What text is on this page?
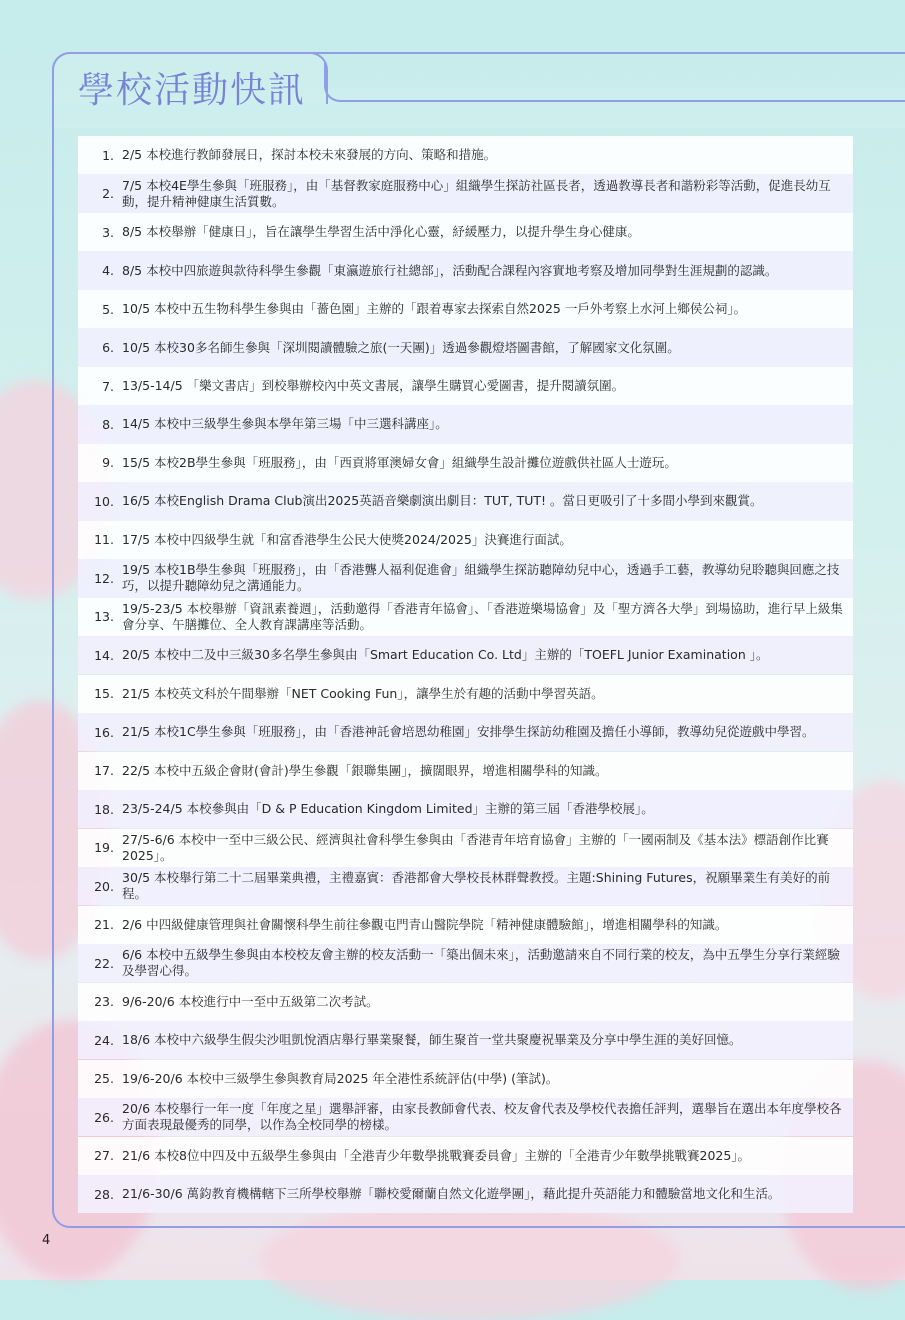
學校活動快訊
1. 2/5 本校進行教師發展日，探討本校未來發展的方向、策略和措施。
2.
7/5 本校4E學生參與「班服務」，由「基督教家庭服務中心」組織學生探訪社區長者，透過教導長者和諧粉彩等活動，促進長幼互動，提升精神健康生活質數。
3. 8/5 本校舉辦「健康日」，旨在讓學生學習生活中淨化心靈，紓緩壓力，以提升學生身心健康。
4. 8/5 本校中四旅遊與款待科學生參觀「東瀛遊旅行社總部」，活動配合課程內容實地考察及增加同學對生涯規劃的認識。
5. 10/5 本校中五生物科學生參與由「薔色園」主辦的「跟着專家去探索自然2025 一戶外考察上水河上鄉侯公祠」。
6. 10/5 本校30多名師生參與「深圳閱讀體驗之旅(一天團)」透過參觀燈塔圖書館，了解國家文化氛圍。
7. 13/5-14/5 「樂文書店」到校舉辦校內中英文書展，讓學生購買心愛圖書，提升閱讀氛圍。
8. 14/5 本校中三級學生參與本學年第三場「中三選科講座」。
9. 15/5 本校2B學生參與「班服務」，由「西貢將軍澳婦女會」組織學生設計攤位遊戲供社區人士遊玩。
10. 16/5 本校English Drama Club演出2025英語音樂劇演出劇目：TUT, TUT! 。當日更吸引了十多間小學到來觀賞。
11. 17/5 本校中四級學生就「和富香港學生公民大使獎2024/2025」決賽進行面試。
12.
19/5 本校1B學生參與「班服務」，由「香港聾人福利促進會」組織學生探訪聽障幼兒中心，透過手工藝，教導幼兒聆聽與回應之技巧，以提升聽障幼兒之溝通能力。
13.
19/5-23/5 本校舉辦「資訊素養週」，活動邀得「香港青年協會」、「香港遊樂場協會」及「聖方濟各大學」到場協助，進行早上級集會分享、午膳攤位、全人教育課講座等活動。
14. 20/5 本校中二及中三級30多名學生參與由「Smart Education Co. Ltd」主辦的「TOEFL Junior Examination 」。
15. 21/5 本校英文科於午間舉辦「NET Cooking Fun」，讓學生於有趣的活動中學習英語。
16. 21/5 本校1C學生參與「班服務」，由「香港神託會培恩幼稚園」安排學生探訪幼稚園及擔任小導師，教導幼兒從遊戲中學習。
17. 22/5 本校中五級企會財(會計)學生參觀「銀聯集團」，擴闊眼界，增進相關學科的知識。
18. 23/5-24/5 本校參與由「D & P Education Kingdom Limited」主辦的第三屆「香港學校展」。
19.
27/5-6/6 本校中一至中三級公民、經濟與社會科學生參與由「香港青年培育協會」主辦的「一國兩制及《基本法》標語創作比賽2025」。
20.
30/5 本校舉行第二十二屆畢業典禮，主禮嘉賓：香港都會大學校長林群聲教授。主題:Shining Futures，祝願畢業生有美好的前程。
21. 2/6 中四級健康管理與社會關懷科學生前往參觀屯門青山醫院學院「精神健康體驗館」，增進相關學科的知識。
22.
6/6 本校中五級學生參與由本校校友會主辦的校友活動一「築出個未來」，活動邀請來自不同行業的校友，為中五學生分享行業經驗及學習心得。
23. 9/6-20/6 本校進行中一至中五級第二次考試。
24. 18/6 本校中六級學生假尖沙咀凱悅酒店舉行畢業聚餐，師生聚首一堂共聚慶祝畢業及分享中學生涯的美好回憶。
25. 19/6-20/6 本校中三級學生參與教育局2025 年全港性系統評估(中學) (筆試)。
26.
20/6 本校舉行一年一度「年度之星」選舉評審，由家長教師會代表、校友會代表及學校代表擔任評判，選舉旨在選出本年度學校各方面表現最優秀的同學，以作為全校同學的榜樣。
27. 21/6 本校8位中四及中五級學生參與由「全港青少年數學挑戰賽委員會」主辦的「全港青少年數學挑戰賽2025」。
28. 21/6-30/6 萬鈞教育機構轄下三所學校舉辦「聯校愛爾蘭自然文化遊學團」，藉此提升英語能力和體驗當地文化和生活。
4
